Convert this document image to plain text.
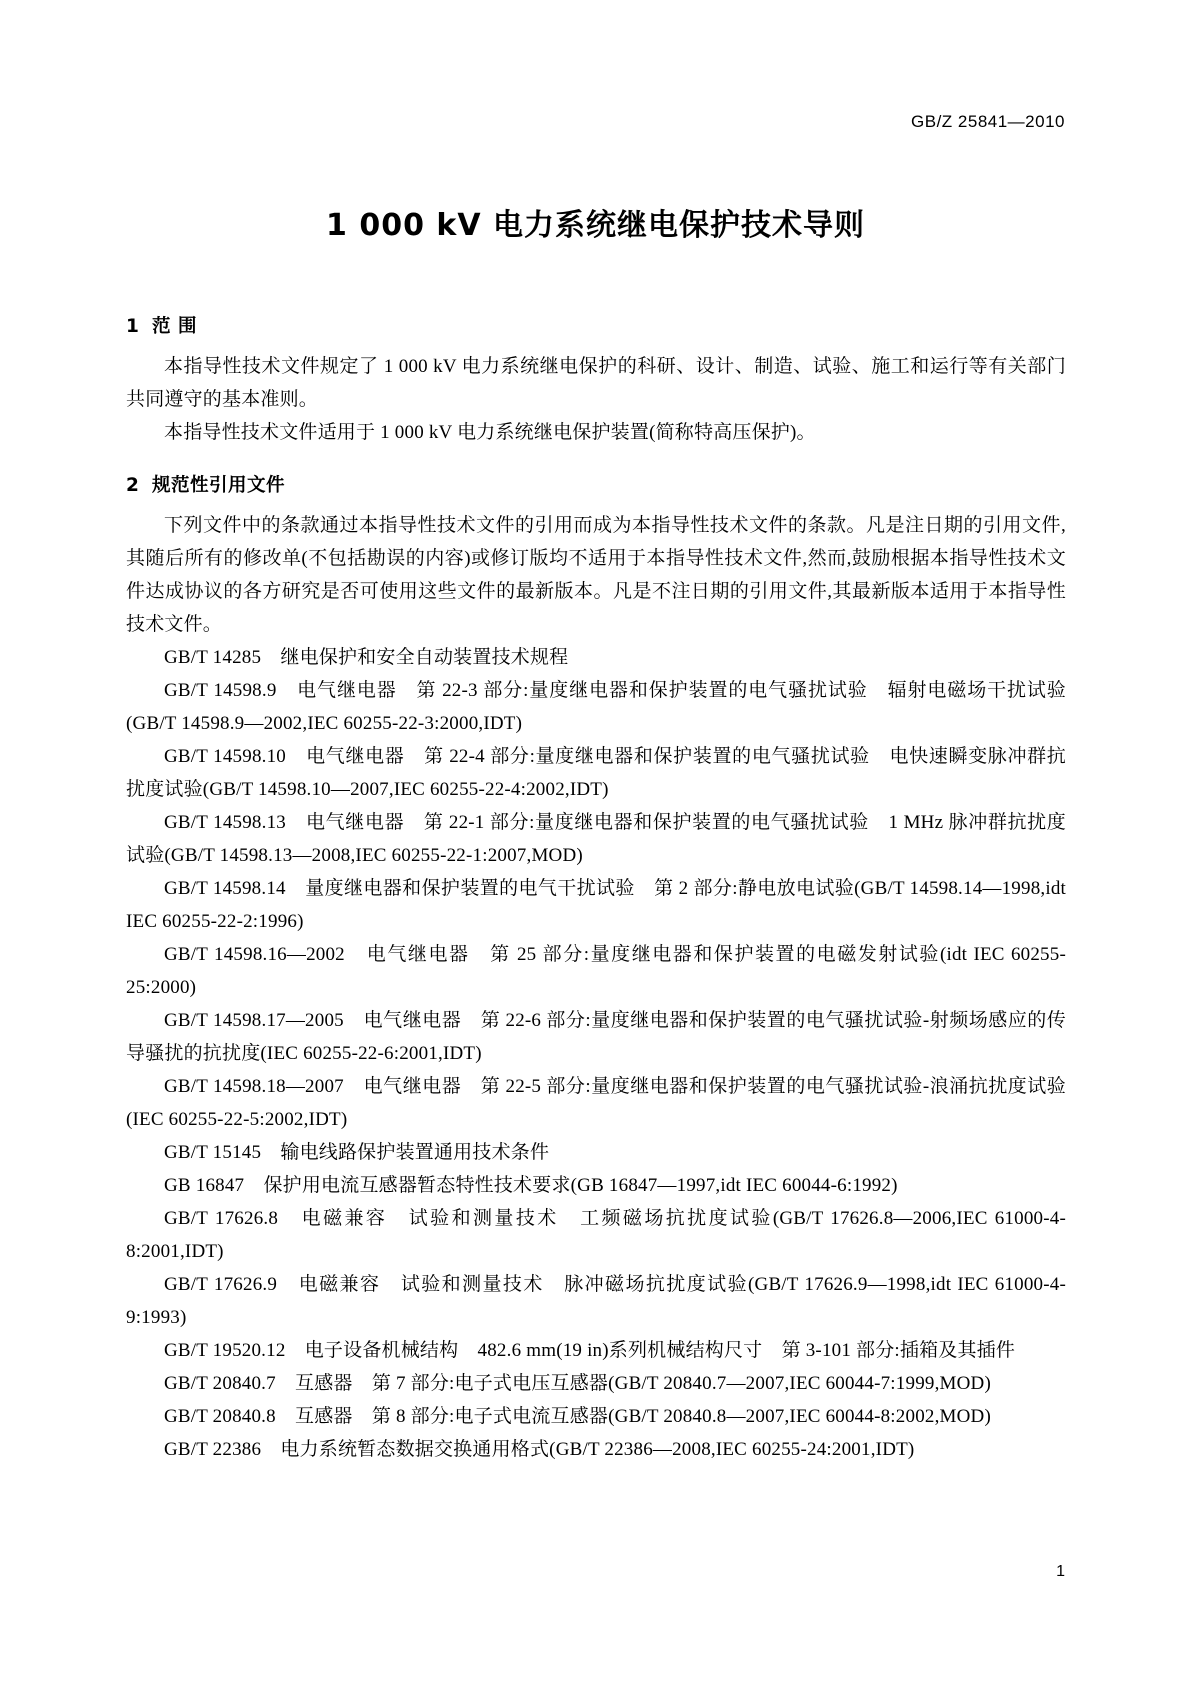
GB/Z 25841—2010
1 000 kV 电力系统继电保护技术导则
1 范 围

本指导性技术文件规定了 1 000 kV 电力系统继电保护的科研、设计、制造、试验、施工和运行等有关部门共同遵守的基本准则。

本指导性技术文件适用于 1 000 kV 电力系统继电保护装置(简称特高压保护)。

2 规范性引用文件

下列文件中的条款通过本指导性技术文件的引用而成为本指导性技术文件的条款。凡是注日期的引用文件,其随后所有的修改单(不包括勘误的内容)或修订版均不适用于本指导性技术文件,然而,鼓励根据本指导性技术文件达成协议的各方研究是否可使用这些文件的最新版本。凡是不注日期的引用文件,其最新版本适用于本指导性技术文件。

GB/T 14285　继电保护和安全自动装置技术规程

GB/T 14598.9　电气继电器　第 22-3 部分:量度继电器和保护装置的电气骚扰试验　辐射电磁场干扰试验(GB/T 14598.9—2002,IEC 60255-22-3:2000,IDT)

GB/T 14598.10　电气继电器　第 22-4 部分:量度继电器和保护装置的电气骚扰试验　电快速瞬变脉冲群抗扰度试验(GB/T 14598.10—2007,IEC 60255-22-4:2002,IDT)

GB/T 14598.13　电气继电器　第 22-1 部分:量度继电器和保护装置的电气骚扰试验　1 MHz 脉冲群抗扰度试验(GB/T 14598.13—2008,IEC 60255-22-1:2007,MOD)

GB/T 14598.14　量度继电器和保护装置的电气干扰试验　第 2 部分:静电放电试验(GB/T 14598.14—1998,idt IEC 60255-22-2:1996)

GB/T 14598.16—2002　电气继电器　第 25 部分:量度继电器和保护装置的电磁发射试验(idt IEC 60255-25:2000)

GB/T 14598.17—2005　电气继电器　第 22-6 部分:量度继电器和保护装置的电气骚扰试验-射频场感应的传导骚扰的抗扰度(IEC 60255-22-6:2001,IDT)

GB/T 14598.18—2007　电气继电器　第 22-5 部分:量度继电器和保护装置的电气骚扰试验-浪涌抗扰度试验(IEC 60255-22-5:2002,IDT)

GB/T 15145　输电线路保护装置通用技术条件

GB 16847　保护用电流互感器暂态特性技术要求(GB 16847—1997,idt IEC 60044-6:1992)

GB/T 17626.8　电磁兼容　试验和测量技术　工频磁场抗扰度试验(GB/T 17626.8—2006,IEC 61000-4-8:2001,IDT)

GB/T 17626.9　电磁兼容　试验和测量技术　脉冲磁场抗扰度试验(GB/T 17626.9—1998,idt IEC 61000-4-9:1993)

GB/T 19520.12　电子设备机械结构　482.6 mm(19 in)系列机械结构尺寸　第 3-101 部分:插箱及其插件

GB/T 20840.7　互感器　第 7 部分:电子式电压互感器(GB/T 20840.7—2007,IEC 60044-7:1999,MOD)

GB/T 20840.8　互感器　第 8 部分:电子式电流互感器(GB/T 20840.8—2007,IEC 60044-8:2002,MOD)

GB/T 22386　电力系统暂态数据交换通用格式(GB/T 22386—2008,IEC 60255-24:2001,IDT)

1
